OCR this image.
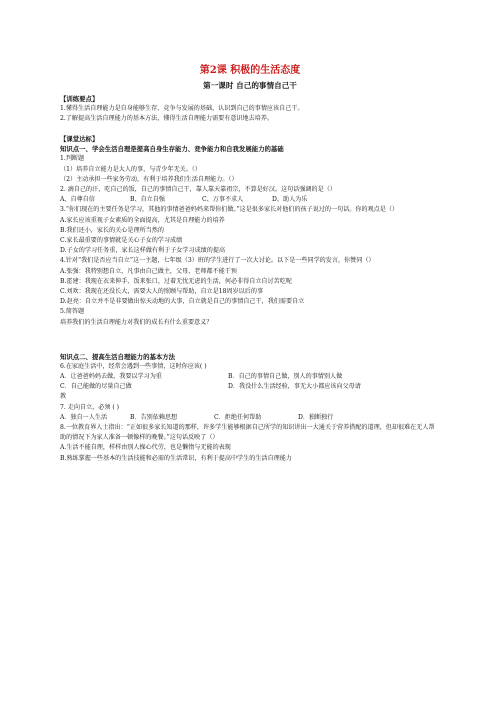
第2课 积极的生活态度
第一课时 自己的事情自己干
【训练要点】
1.懂得生活自理能力是自身能够生存、竞争与发展的基础，认识到自己的事情应该自己干。
2.了解提高生活自理能力的基本方法，懂得生活自理能力需要有意识地去培养。
【课堂达标】
知识点一、学会生活自理是提高自身生存能力、竞争能力和自我发展能力的基础
1.判断题
（1）培养自立能力是大人的事，与青少年无关。（）
（2）主动承担一些家务劳动，有利于培养我们生活自理能力。（）
2. 滴自己的汗，吃自己的饭，自己的事情自己干，靠人靠天靠祖宗，不算是好汉。这句话强调的是（）
A、自尊自信	B、自立自强	C、万事不求人	D、助人为乐
3.“你们现在的主要任务是学习，其他的事情爸爸妈妈来帮你们做。”这是很多家长对他们的孩子说过的一句话。你的观点是（）
A.家长应该重视子女素质的全面提高，尤其是自理能力的培养
B.我们还小，家长的关心是理所当然的
C.家长最重要的事情就是关心子女的学习成绩
D.子女的学习任务重，家长这样做有利于子女学习成绩的提高
4.针对“我们是否应当自立”这一主题，七年级（3）班的学生进行了一次大讨论。以下是一些同学的发言，你赞同（）
A.张强：我特别想自立，凡事由自己做主，父母、老师都不能干预
B.霍建：我现在衣来伸手、饭来张口，过着无忧无虑的生活，何必非得自立自讨苦吃呢
C.刘欢：我现在还没长大，需要大人的照顾与帮助，自立是18周岁以后的事
D.赵亮：自立并不是非要做出惊天动地的大事，自立就是自己的事情自己干，我们需要自立
5.简答题
培养我们的生活自理能力对我们的成长有什么重要意义？
知识点二、提高生活自理能力的基本方法
6.在家庭生活中，经常会遇到一些事情，这时你应该( )
A．让爸爸妈妈去做，我要以学习为重	B．自己的事情自己做，别人的事情别人做
C．自己能做的尽量自己做	D．我没什么生活经验，事无大小都应该向父母请
教
7. 走向自立，必须 ( )
A．独自一人生活	B．告别依赖思想	C．拒绝任何帮助	D．独断独行
8.一位教育界人士指出：“正如很多家长知道的那样，许多学生能够根据自己所学的知识讲出一大通关于营养搭配的道理，但却很难在无人帮助的情况下为家人准备一顿像样的晚餐。”这句话反映了（）
A.生活不能自理，样样由别人操心代劳，也是懒惰与无能的表现
B.熟练掌握一些基本的生活技能和必需的生活常识，有利于提高中学生的生活自理能力
